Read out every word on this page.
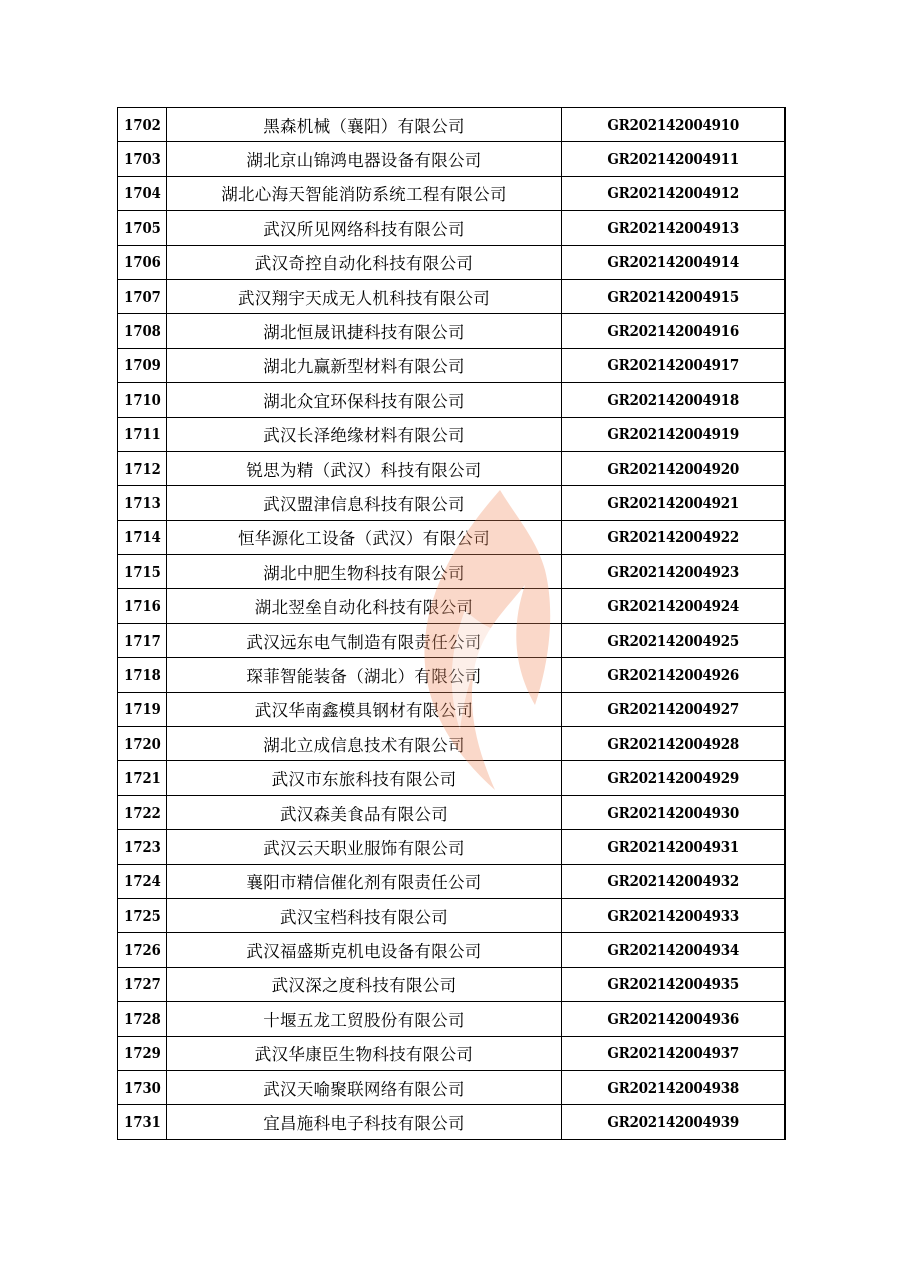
1702	黑森机械（襄阳）有限公司	GR202142004910
1703	湖北京山锦鸿电器设备有限公司	GR202142004911
1704	湖北心海天智能消防系统工程有限公司	GR202142004912
1705	武汉所见网络科技有限公司	GR202142004913
1706	武汉奇控自动化科技有限公司	GR202142004914
1707	武汉翔宇天成无人机科技有限公司	GR202142004915
1708	湖北恒晟讯捷科技有限公司	GR202142004916
1709	湖北九赢新型材料有限公司	GR202142004917
1710	湖北众宜环保科技有限公司	GR202142004918
1711	武汉长泽绝缘材料有限公司	GR202142004919
1712	锐思为精（武汉）科技有限公司	GR202142004920
1713	武汉盟津信息科技有限公司	GR202142004921
1714	恒华源化工设备（武汉）有限公司	GR202142004922
1715	湖北中肥生物科技有限公司	GR202142004923
1716	湖北翌垒自动化科技有限公司	GR202142004924
1717	武汉远东电气制造有限责任公司	GR202142004925
1718	琛菲智能装备（湖北）有限公司	GR202142004926
1719	武汉华南鑫模具钢材有限公司	GR202142004927
1720	湖北立成信息技术有限公司	GR202142004928
1721	武汉市东旅科技有限公司	GR202142004929
1722	武汉森美食品有限公司	GR202142004930
1723	武汉云天职业服饰有限公司	GR202142004931
1724	襄阳市精信催化剂有限责任公司	GR202142004932
1725	武汉宝档科技有限公司	GR202142004933
1726	武汉福盛斯克机电设备有限公司	GR202142004934
1727	武汉深之度科技有限公司	GR202142004935
1728	十堰五龙工贸股份有限公司	GR202142004936
1729	武汉华康臣生物科技有限公司	GR202142004937
1730	武汉天喻聚联网络有限公司	GR202142004938
1731	宜昌施科电子科技有限公司	GR202142004939
